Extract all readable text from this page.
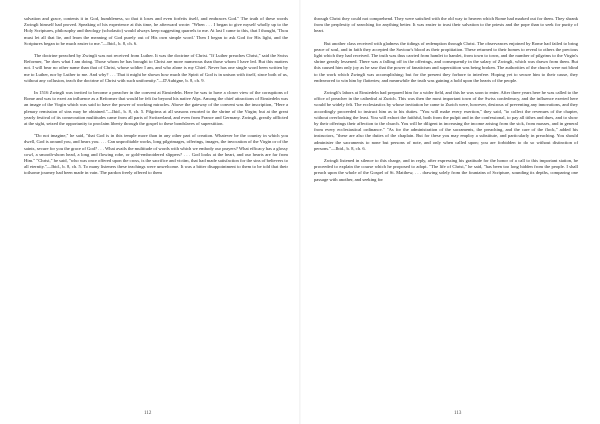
salvation and grace, contents it in God, humbleness, so that it loses and even forfeits itself, and embraces God." The truth of these words Zwingli himself had proved. Speaking of his experience at this time, he afterward wrote: "When . . . I began to give myself wholly up to the Holy Scriptures, philosophy and theology (scholastic) would always keep suggesting quarrels to me. At last I came to this, that I thought, 'Thou must let all that lie, and learn the meaning of God purely out of His own simple word.' Then I began to ask God for His light, and the Scriptures began to be much easier to me."—Ibid., b. 8, ch. 6.

The doctrine preached by Zwingli was not received from Luther. It was the doctrine of Christ. "If Luther preaches Christ," said the Swiss Reformer, "he does what I am doing. Those whom he has brought to Christ are more numerous than those whom I have led. But this matters not. I will bear no other name than that of Christ, whose soldier I am, and who alone is my Chief. Never has one single word been written by me to Luther, nor by Luther to me. And why? . . . That it might be shown how much the Spirit of God is in unison with itself, since both of us, without any collusion, teach the doctrine of Christ with such uniformity."—D'Aubigne, b. 8, ch. 9.

In 1516 Zwingli was invited to become a preacher in the convent at Einsiedeln. Here he was to have a closer view of the corruptions of Rome and was to exert an influence as a Reformer that would be felt far beyond his native Alps. Among the chief attractions of Einsiedeln was an image of the Virgin which was said to have the power of working miracles. Above the gateway of the convent was the inscription, "Here a plenary remission of sins may be obtained."—Ibid., b. 8, ch. 5. Pilgrims at all seasons resorted to the shrine of the Virgin; but at the great yearly festival of its consecration multitudes came from all parts of Switzerland, and even from France and Germany. Zwingli, greatly afflicted at the sight, seized the opportunity to proclaim liberty through the gospel to these bondslaves of superstition.

"Do not imagine," he said, "that God is in this temple more than in any other part of creation. Whatever be the country in which you dwell, God is around you, and hears you. . . . Can unprofitable works, long pilgrimages, offerings, images, the invocation of the Virgin or of the saints, secure for you the grace of God? . . . What avails the multitude of words with which we embody our prayers? What efficacy has a glossy cowl, a smooth-shorn head, a long and flowing robe, or gold-embroidered slippers? . . . God looks at the heart, and our hearts are far from Him." "Christ," he said, "who was once offered upon the cross, is the sacrifice and victim, that had made satisfaction for the sins of believers to all eternity."—Ibid., b. 8, ch. 5. To many listeners these teachings were unwelcome. It was a bitter disappointment to them to be told that their toilsome journey had been made in vain. The pardon freely offered to them

112

through Christ they could not comprehend. They were satisfied with the old way to heaven which Rome had marked out for them. They shrank from the perplexity of searching for anything better. It was easier to trust their salvation to the priests and the pope than to seek for purity of heart.

But another class received with gladness the tidings of redemption through Christ. The observances enjoined by Rome had failed to bring peace of soul, and in faith they accepted the Saviour's blood as their propitiation. These returned to their homes to reveal to others the precious light which they had received. The truth was thus carried from hamlet to hamlet, from town to town, and the number of pilgrims to the Virgin's shrine greatly lessened. There was a falling off in the offerings, and consequently in the salary of Zwingli, which was drawn from them. But this caused him only joy as he saw that the power of fanaticism and superstition was being broken. The authorities of the church were not blind to the work which Zwingli was accomplishing; but for the present they forbore to interfere. Hoping yet to secure him to their cause, they endeavored to win him by flatteries; and meanwhile the truth was gaining a hold upon the hearts of the people.

Zwingli's labors at Einsiedeln had prepared him for a wider field, and this he was soon to enter. After three years here he was called to the office of preacher in the cathedral at Zurich. This was then the most important town of the Swiss confederacy, and the influence exerted here would be widely felt. The ecclesiastics by whose invitation he came to Zurich were, however, desirous of preventing any innovations, and they accordingly proceeded to instruct him as to his duties. "You will make every exertion," they said, "to collect the revenues of the chapter, without overlooking the least. You will exhort the faithful, both from the pulpit and in the confessional, to pay all tithes and dues, and to show by their offerings their affection to the church. You will be diligent in increasing the income arising from the sick, from masses, and in general from every ecclesiastical ordinance." "As for the administration of the sacraments, the preaching, and the care of the flock," added his instructors, "these are also the duties of the chaplain. But for these you may employ a substitute, and particularly in preaching. You should administer the sacraments to none but persons of note, and only when called upon; you are forbidden to do so without distinction of persons."—Ibid., b. 8, ch. 6.

Zwingli listened in silence to this charge, and in reply, after expressing his gratitude for the honor of a call to this important station, he proceeded to explain the course which he proposed to adopt. "The life of Christ," he said, "has been too long hidden from the people. I shall preach upon the whole of the Gospel of St. Matthew, . . . drawing solely from the fountains of Scripture, sounding its depths, comparing one passage with another, and seeking for

113
